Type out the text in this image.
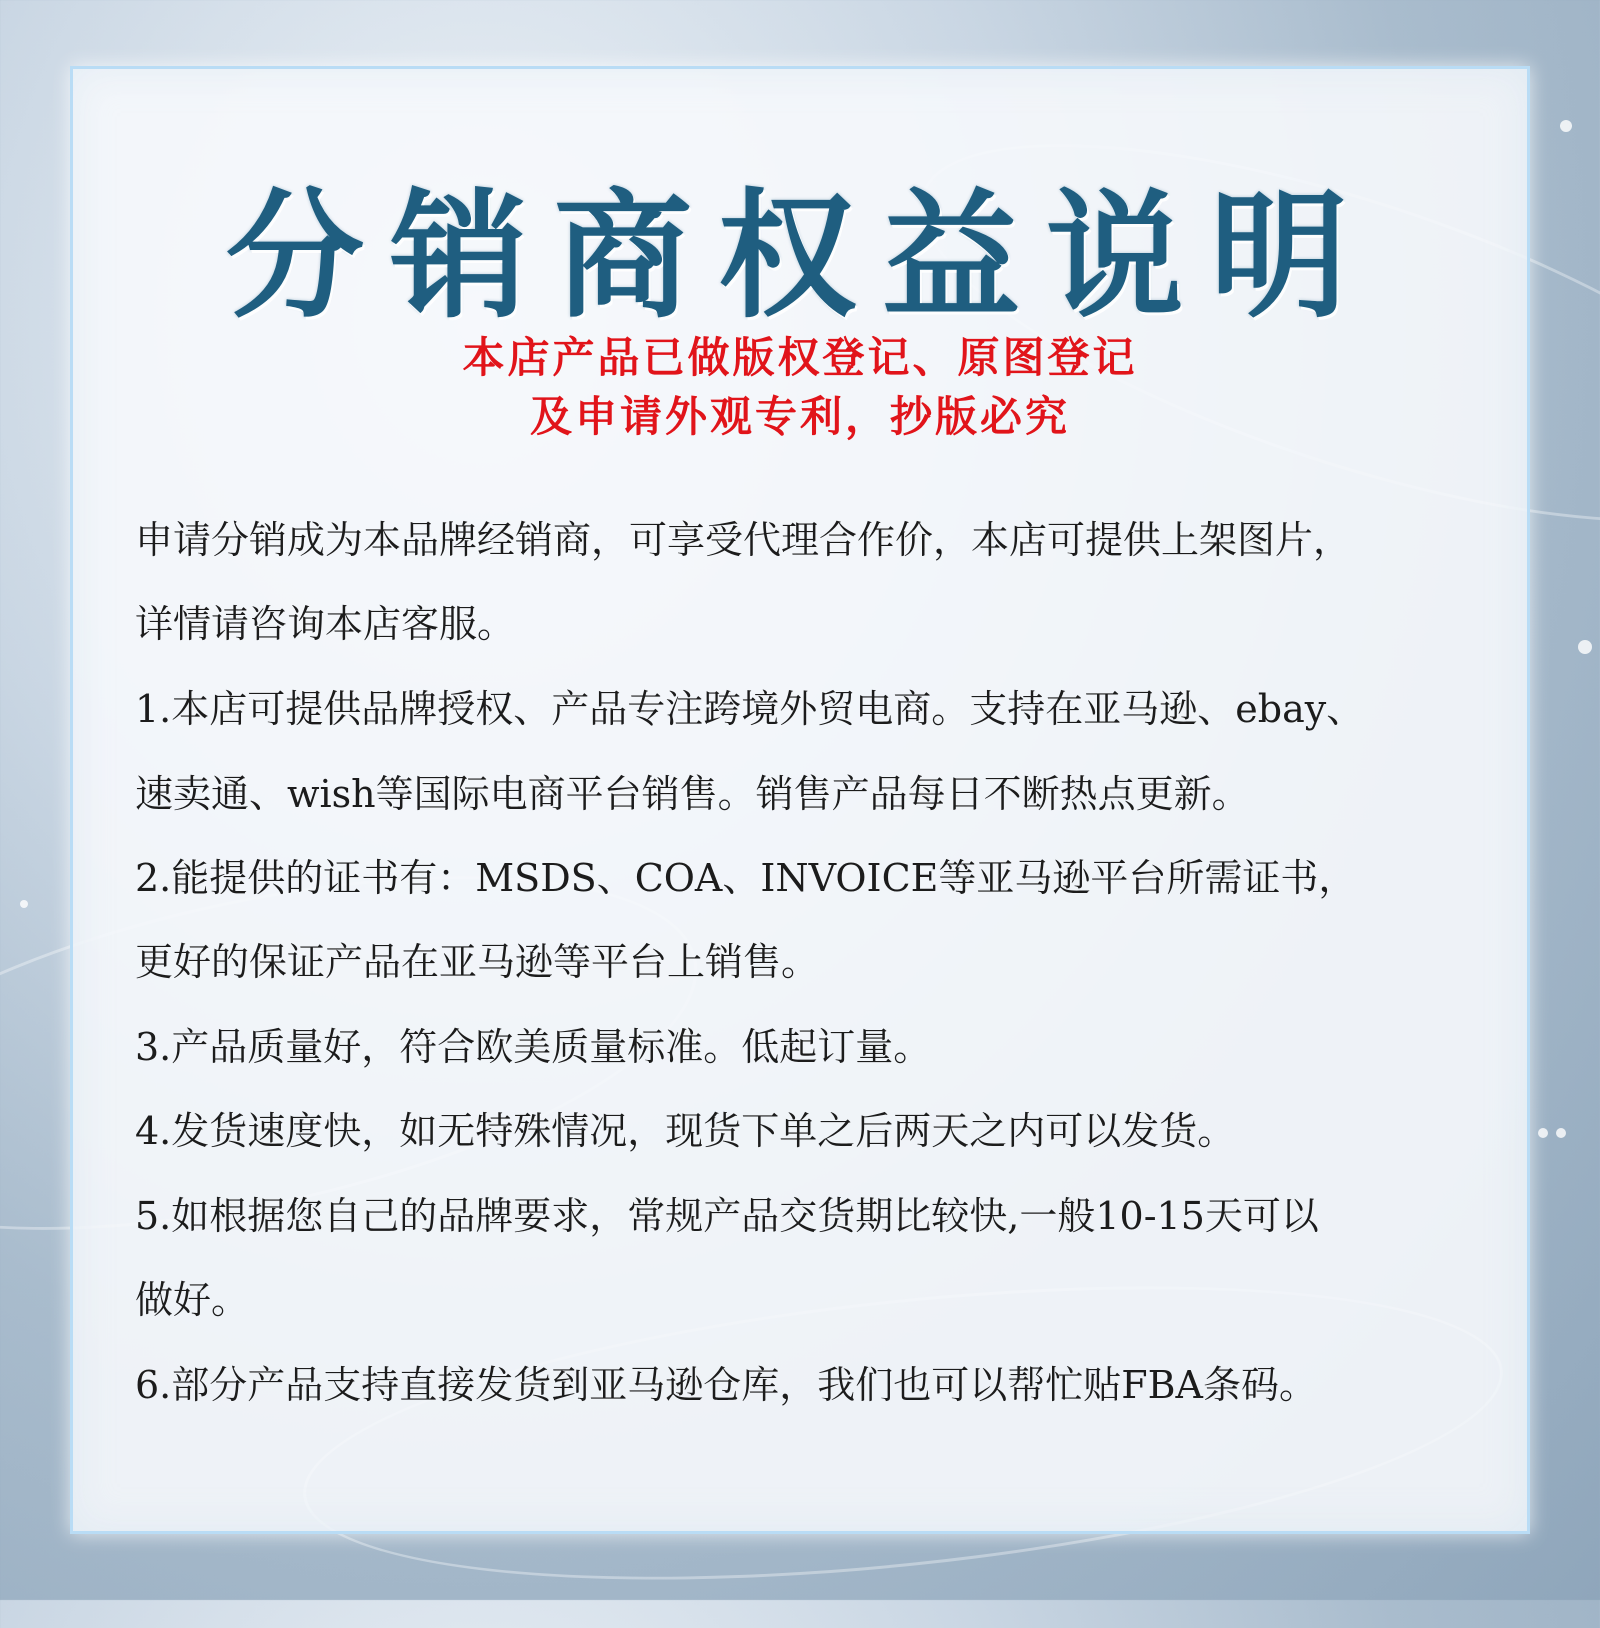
分销商权益说明
本店产品已做版权登记、原图登记
及申请外观专利，抄版必究
申请分销成为本品牌经销商，可享受代理合作价，本店可提供上架图片，
详情请咨询本店客服。
1.本店可提供品牌授权、产品专注跨境外贸电商。支持在亚马逊、ebay、
速卖通、wish等国际电商平台销售。销售产品每日不断热点更新。
2.能提供的证书有：MSDS、COA、INVOICE等亚马逊平台所需证书，
更好的保证产品在亚马逊等平台上销售。
3.产品质量好，符合欧美质量标准。低起订量。
4.发货速度快，如无特殊情况，现货下单之后两天之内可以发货。
5.如根据您自己的品牌要求，常规产品交货期比较快,一般10-15天可以
做好。
6.部分产品支持直接发货到亚马逊仓库，我们也可以帮忙贴FBA条码。
